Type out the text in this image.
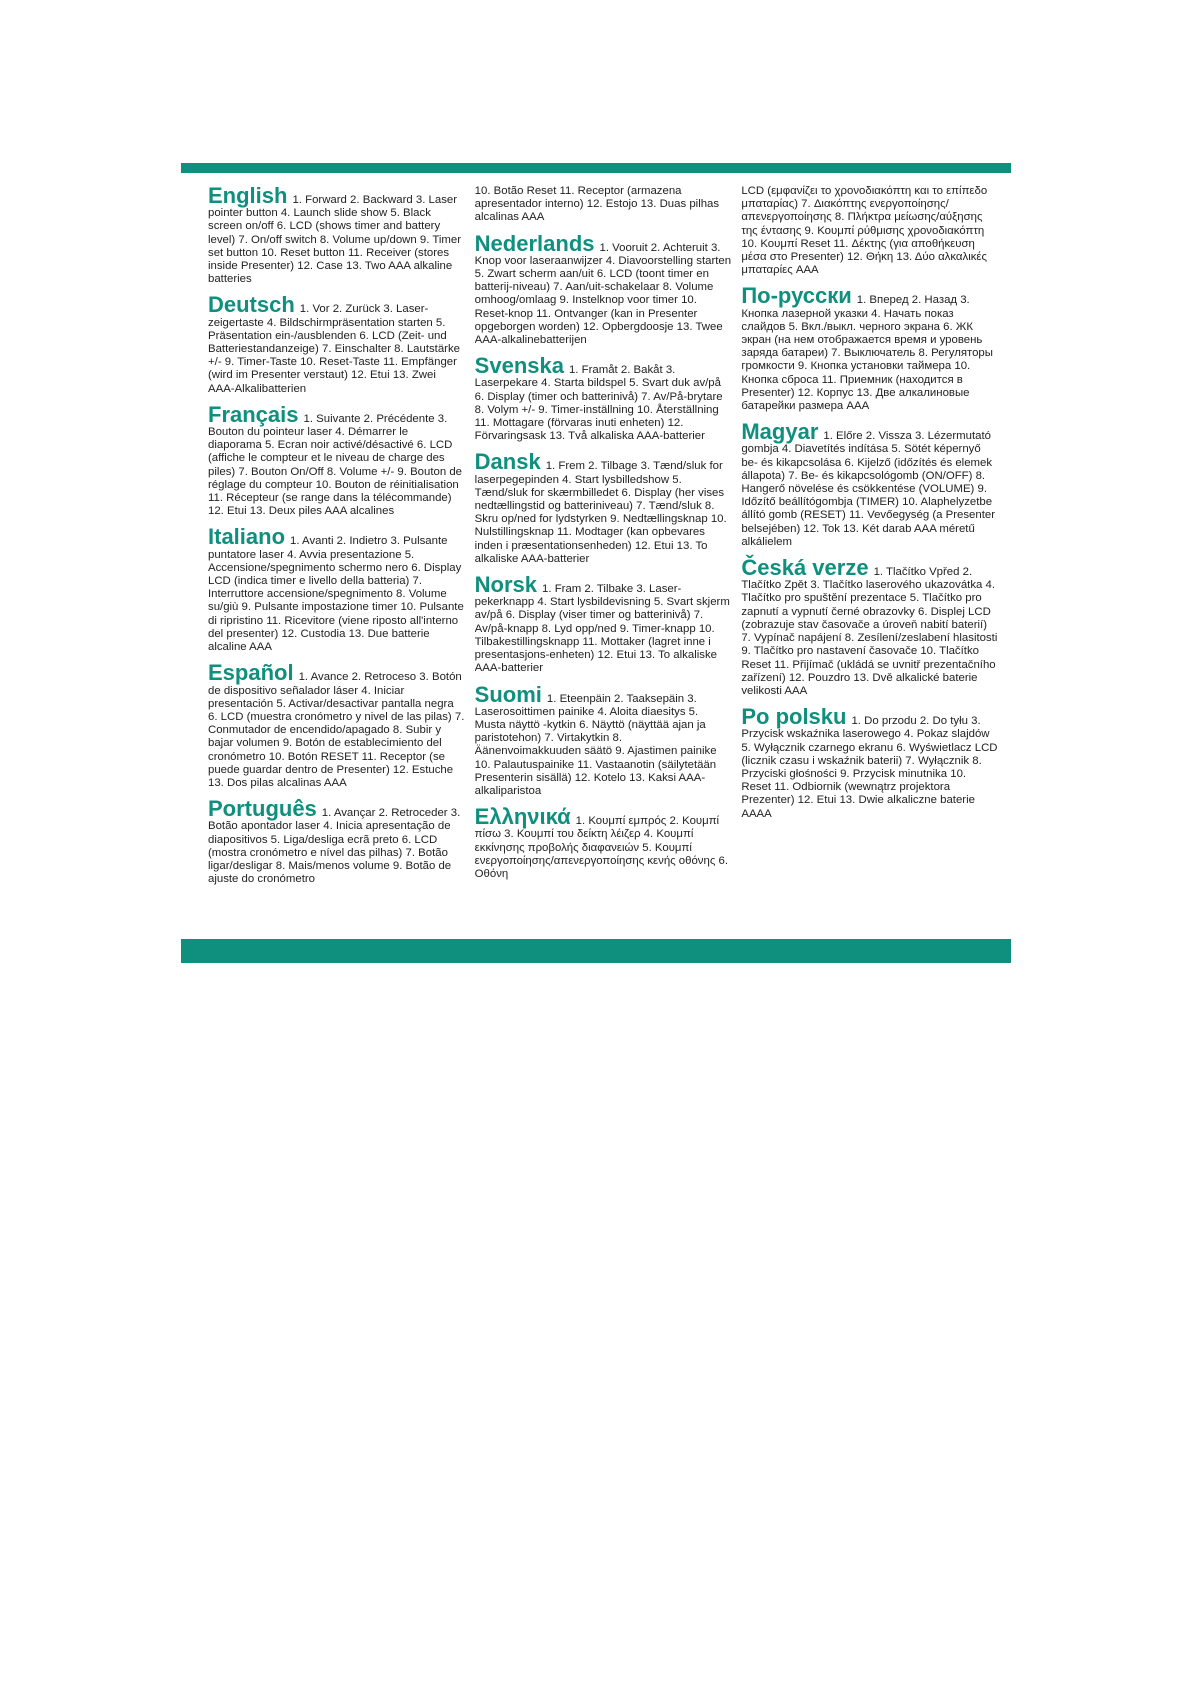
English 1. Forward 2. Backward 3. Laser pointer button 4. Launch slide show 5. Black screen on/off 6. LCD (shows timer and battery level) 7. On/off switch 8. Volume up/down 9. Timer set button 10. Reset button 11. Receiver (stores inside Presenter) 12. Case 13. Two AAA alkaline batteries

Deutsch 1. Vor 2. Zurück 3. Laser-zeigertaste 4. Bildschirmpräsentation starten 5. Präsentation ein-/ausblenden 6. LCD (Zeit- und Batteriestandanzeige) 7. Einschalter 8. Lautstärke +/- 9. Timer-Taste 10. Reset-Taste 11. Empfänger (wird im Presenter verstaut) 12. Etui 13. Zwei AAA-Alkalibatterien

Français 1. Suivante 2. Précédente 3. Bouton du pointeur laser 4. Démarrer le diaporama 5. Ecran noir activé/désactivé 6. LCD (affiche le compteur et le niveau de charge des piles) 7. Bouton On/Off 8. Volume +/- 9. Bouton de réglage du compteur 10. Bouton de réinitialisation 11. Récepteur (se range dans la télécommande) 12. Etui 13. Deux piles AAA alcalines

Italiano 1. Avanti 2. Indietro 3. Pulsante puntatore laser 4. Avvia presentazione 5. Accensione/spegnimento schermo nero 6. Display LCD (indica timer e livello della batteria) 7. Interruttore accensione/spegnimento 8. Volume su/giù 9. Pulsante impostazione timer 10. Pulsante di ripristino 11. Ricevitore (viene riposto all'interno del presenter) 12. Custodia 13. Due batterie alcaline AAA

Español 1. Avance 2. Retroceso 3. Botón de dispositivo señalador láser 4. Iniciar presentación 5. Activar/desactivar pantalla negra 6. LCD (muestra cronómetro y nivel de las pilas) 7. Conmutador de encendido/apagado 8. Subir y bajar volumen 9. Botón de establecimiento del cronómetro 10. Botón RESET 11. Receptor (se puede guardar dentro de Presenter) 12. Estuche 13. Dos pilas alcalinas AAA

Português 1. Avançar 2. Retroceder 3. Botão apontador laser 4. Inicia apresentação de diapositivos 5. Liga/desliga ecrã preto 6. LCD (mostra cronómetro e nível das pilhas) 7. Botão ligar/desligar 8. Mais/menos volume 9. Botão de ajuste do cronómetro

10. Botão Reset 11. Receptor (armazena apresentador interno) 12. Estojo 13. Duas pilhas alcalinas AAA

Nederlands 1. Vooruit 2. Achteruit 3. Knop voor laseraanwijzer 4. Diavoorstelling starten 5. Zwart scherm aan/uit 6. LCD (toont timer en batterij-niveau) 7. Aan/uit-schakelaar 8. Volume omhoog/omlaag 9. Instelknop voor timer 10. Reset-knop 11. Ontvanger (kan in Presenter opgeborgen worden) 12. Opbergdoosje 13. Twee AAA-alkalinebatterijen

Svenska 1. Framåt 2. Bakåt 3. Laserpekare 4. Starta bildspel 5. Svart duk av/på 6. Display (timer och batterinivå) 7. Av/På-brytare 8. Volym +/- 9. Timer-inställning 10. Återställning 11. Mottagare (förvaras inuti enheten) 12. Förvaringsask 13. Två alkaliska AAA-batterier

Dansk 1. Frem 2. Tilbage 3. Tænd/sluk for laserpegepinden 4. Start lysbilledshow 5. Tænd/sluk for skærmbilledet 6. Display (her vises nedtællingstid og batteriniveau) 7. Tænd/sluk 8. Skru op/ned for lydstyrken 9. Nedtællingsknap 10. Nulstillingsknap 11. Modtager (kan opbevares inden i præsentationsenheden) 12. Etui 13. To alkaliske AAA-batterier

Norsk 1. Fram 2. Tilbake 3. Laser-pekerknapp 4. Start lysbildevisning 5. Svart skjerm av/på 6. Display (viser timer og batterinivå) 7. Av/på-knapp 8. Lyd opp/ned 9. Timer-knapp 10. Tilbakestillingsknapp 11. Mottaker (lagret inne i presentasjons-enheten) 12. Etui 13. To alkaliske AAA-batterier

Suomi 1. Eteenpäin 2. Taaksepäin 3. Laserosoittimen painike 4. Aloita diaesitys 5. Musta näyttö -kytkin 6. Näyttö (näyttää ajan ja paristotehon) 7. Virtakytkin 8. Äänenvoimakkuuden säätö 9. Ajastimen painike 10. Palautuspainike 11. Vastaanotin (säilytetään Presenterin sisällä) 12. Kotelo 13. Kaksi AAA-alkaliparistoa

Ελληνικά 1. Κουμπί εμπρός 2. Κουμπί πίσω 3. Κουμπί του δείκτη λέιζερ 4. Κουμπί εκκίνησης προβολής διαφανειών 5. Κουμπί ενεργοποίησης/απενεργοποίησης κενής οθόνης 6. Οθόνη

LCD (εμφανίζει το χρονοδιακόπτη και το επίπεδο μπαταρίας) 7. Διακόπτης ενεργοποίησης/απενεργοποίησης 8. Πλήκτρα μείωσης/αύξησης της έντασης 9. Κουμπί ρύθμισης χρονοδιακόπτη 10. Κουμπί Reset 11. Δέκτης (για αποθήκευση μέσα στο Presenter) 12. Θήκη 13. Δύο αλκαλικές μπαταρίες AAA

По-русски 1. Вперед 2. Назад 3. Кнопка лазерной указки 4. Начать показ слайдов 5. Вкл./выкл. черного экрана 6. ЖК экран (на нем отображается время и уровень заряда батареи) 7. Выключатель 8. Регуляторы громкости 9. Кнопка установки таймера 10. Кнопка сброса 11. Приемник (находится в Presenter) 12. Корпус 13. Две алкалиновые батарейки размера AAA

Magyar 1. Előre 2. Vissza 3. Lézermutató gombja 4. Diavetítés indítása 5. Sötét képernyő be- és kikapcsolása 6. Kijelző (időzítés és elemek állapota) 7. Be- és kikapcsológomb (ON/OFF) 8. Hangerő növelése és csökkentése (VOLUME) 9. Időzítő beállítógombja (TIMER) 10. Alaphelyzetbe állító gomb (RESET) 11. Vevőegység (a Presenter belsejében) 12. Tok 13. Két darab AAA méretű alkálielem

Česká verze 1. Tlačítko Vpřed 2. Tlačítko Zpět 3. Tlačítko laserového ukazovátka 4. Tlačítko pro spuštění prezentace 5. Tlačítko pro zapnutí a vypnutí černé obrazovky 6. Displej LCD (zobrazuje stav časovače a úroveň nabití baterií) 7. Vypínač napájení 8. Zesílení/zeslabení hlasitosti 9. Tlačítko pro nastavení časovače 10. Tlačítko Reset 11. Přijímač (ukládá se uvnitř prezentačního zařízení) 12. Pouzdro 13. Dvě alkalické baterie velikosti AAA

Po polsku 1. Do przodu 2. Do tyłu 3. Przycisk wskaźnika laserowego 4. Pokaz slajdów 5. Wyłącznik czarnego ekranu 6. Wyświetlacz LCD (licznik czasu i wskaźnik baterii) 7. Wyłącznik 8. Przyciski głośności 9. Przycisk minutnika 10. Reset 11. Odbiornik (wewnątrz projektora Prezenter) 12. Etui 13. Dwie alkaliczne baterie AAAA
